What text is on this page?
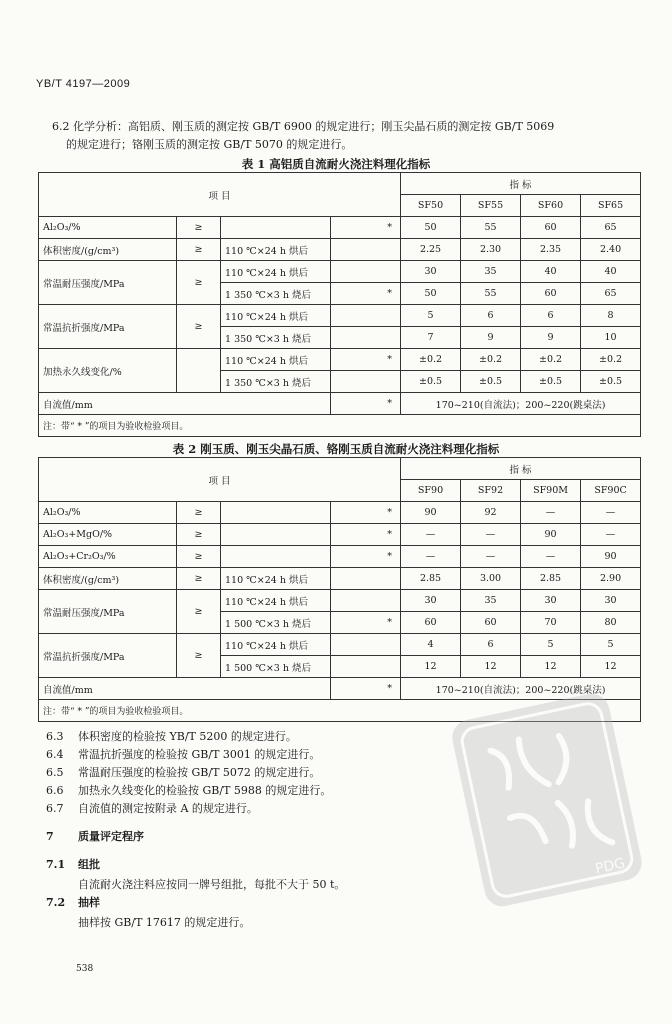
YB/T 4197—2009

6.2 化学分析：高铝质、刚玉质的测定按 GB/T 6900 的规定进行；刚玉尖晶石质的测定按 GB/T 5069

的规定进行；铬刚玉质的测定按 GB/T 5070 的规定进行。

表 1 高铝质自流耐火浇注料理化指标
项 目				指 标			
				SF50	SF55	SF60	SF65
Al₂O₃/%	≥		*	50	55	60	65
体积密度/(g/cm³)	≥	110 ℃×24 h 烘后		2.25	2.30	2.35	2.40
常温耐压强度/MPa	≥	110 ℃×24 h 烘后		30	35	40	40
		1 350 ℃×3 h 烧后	*	50	55	60	65
常温抗折强度/MPa	≥	110 ℃×24 h 烘后		5	6	6	8
		1 350 ℃×3 h 烧后		7	9	9	10
加热永久线变化/%		110 ℃×24 h 烘后	*	±0.2	±0.2	±0.2	±0.2
		1 350 ℃×3 h 烧后		±0.5	±0.5	±0.5	±0.5
自流值/mm			*	170~210(自流法)；200~220(跳桌法)			
注：带“ * ”的项目为验收检验项目。							
表 2 刚玉质、刚玉尖晶石质、铬刚玉质自流耐火浇注料理化指标
项 目				指 标			
				SF90	SF92	SF90M	SF90C
Al₂O₃/%	≥		*	90	92	—	—
Al₂O₃+MgO/%	≥		*	—	—	90	—
Al₂O₃+Cr₂O₃/%	≥		*	—	—	—	90
体积密度/(g/cm³)	≥	110 ℃×24 h 烘后		2.85	3.00	2.85	2.90
常温耐压强度/MPa	≥	110 ℃×24 h 烘后		30	35	30	30
		1 500 ℃×3 h 烧后	*	60	60	70	80
常温抗折强度/MPa	≥	110 ℃×24 h 烘后		4	6	5	5
		1 500 ℃×3 h 烧后		12	12	12	12
自流值/mm			*	170~210(自流法)；200~220(跳桌法)			
注：带“ * ”的项目为验收检验项目。							
6.3 体积密度的检验按 YB/T 5200 的规定进行。
6.4 常温抗折强度的检验按 GB/T 3001 的规定进行。
6.5 常温耐压强度的检验按 GB/T 5072 的规定进行。
6.6 加热永久线变化的检验按 GB/T 5988 的规定进行。
6.7 自流值的测定按附录 A 的规定进行。
7 质量评定程序
7.1 组批
自流耐火浇注料应按同一牌号组批，每批不大于 50 t。
7.2 抽样
抽样按 GB/T 17617 的规定进行。
538
PDG
